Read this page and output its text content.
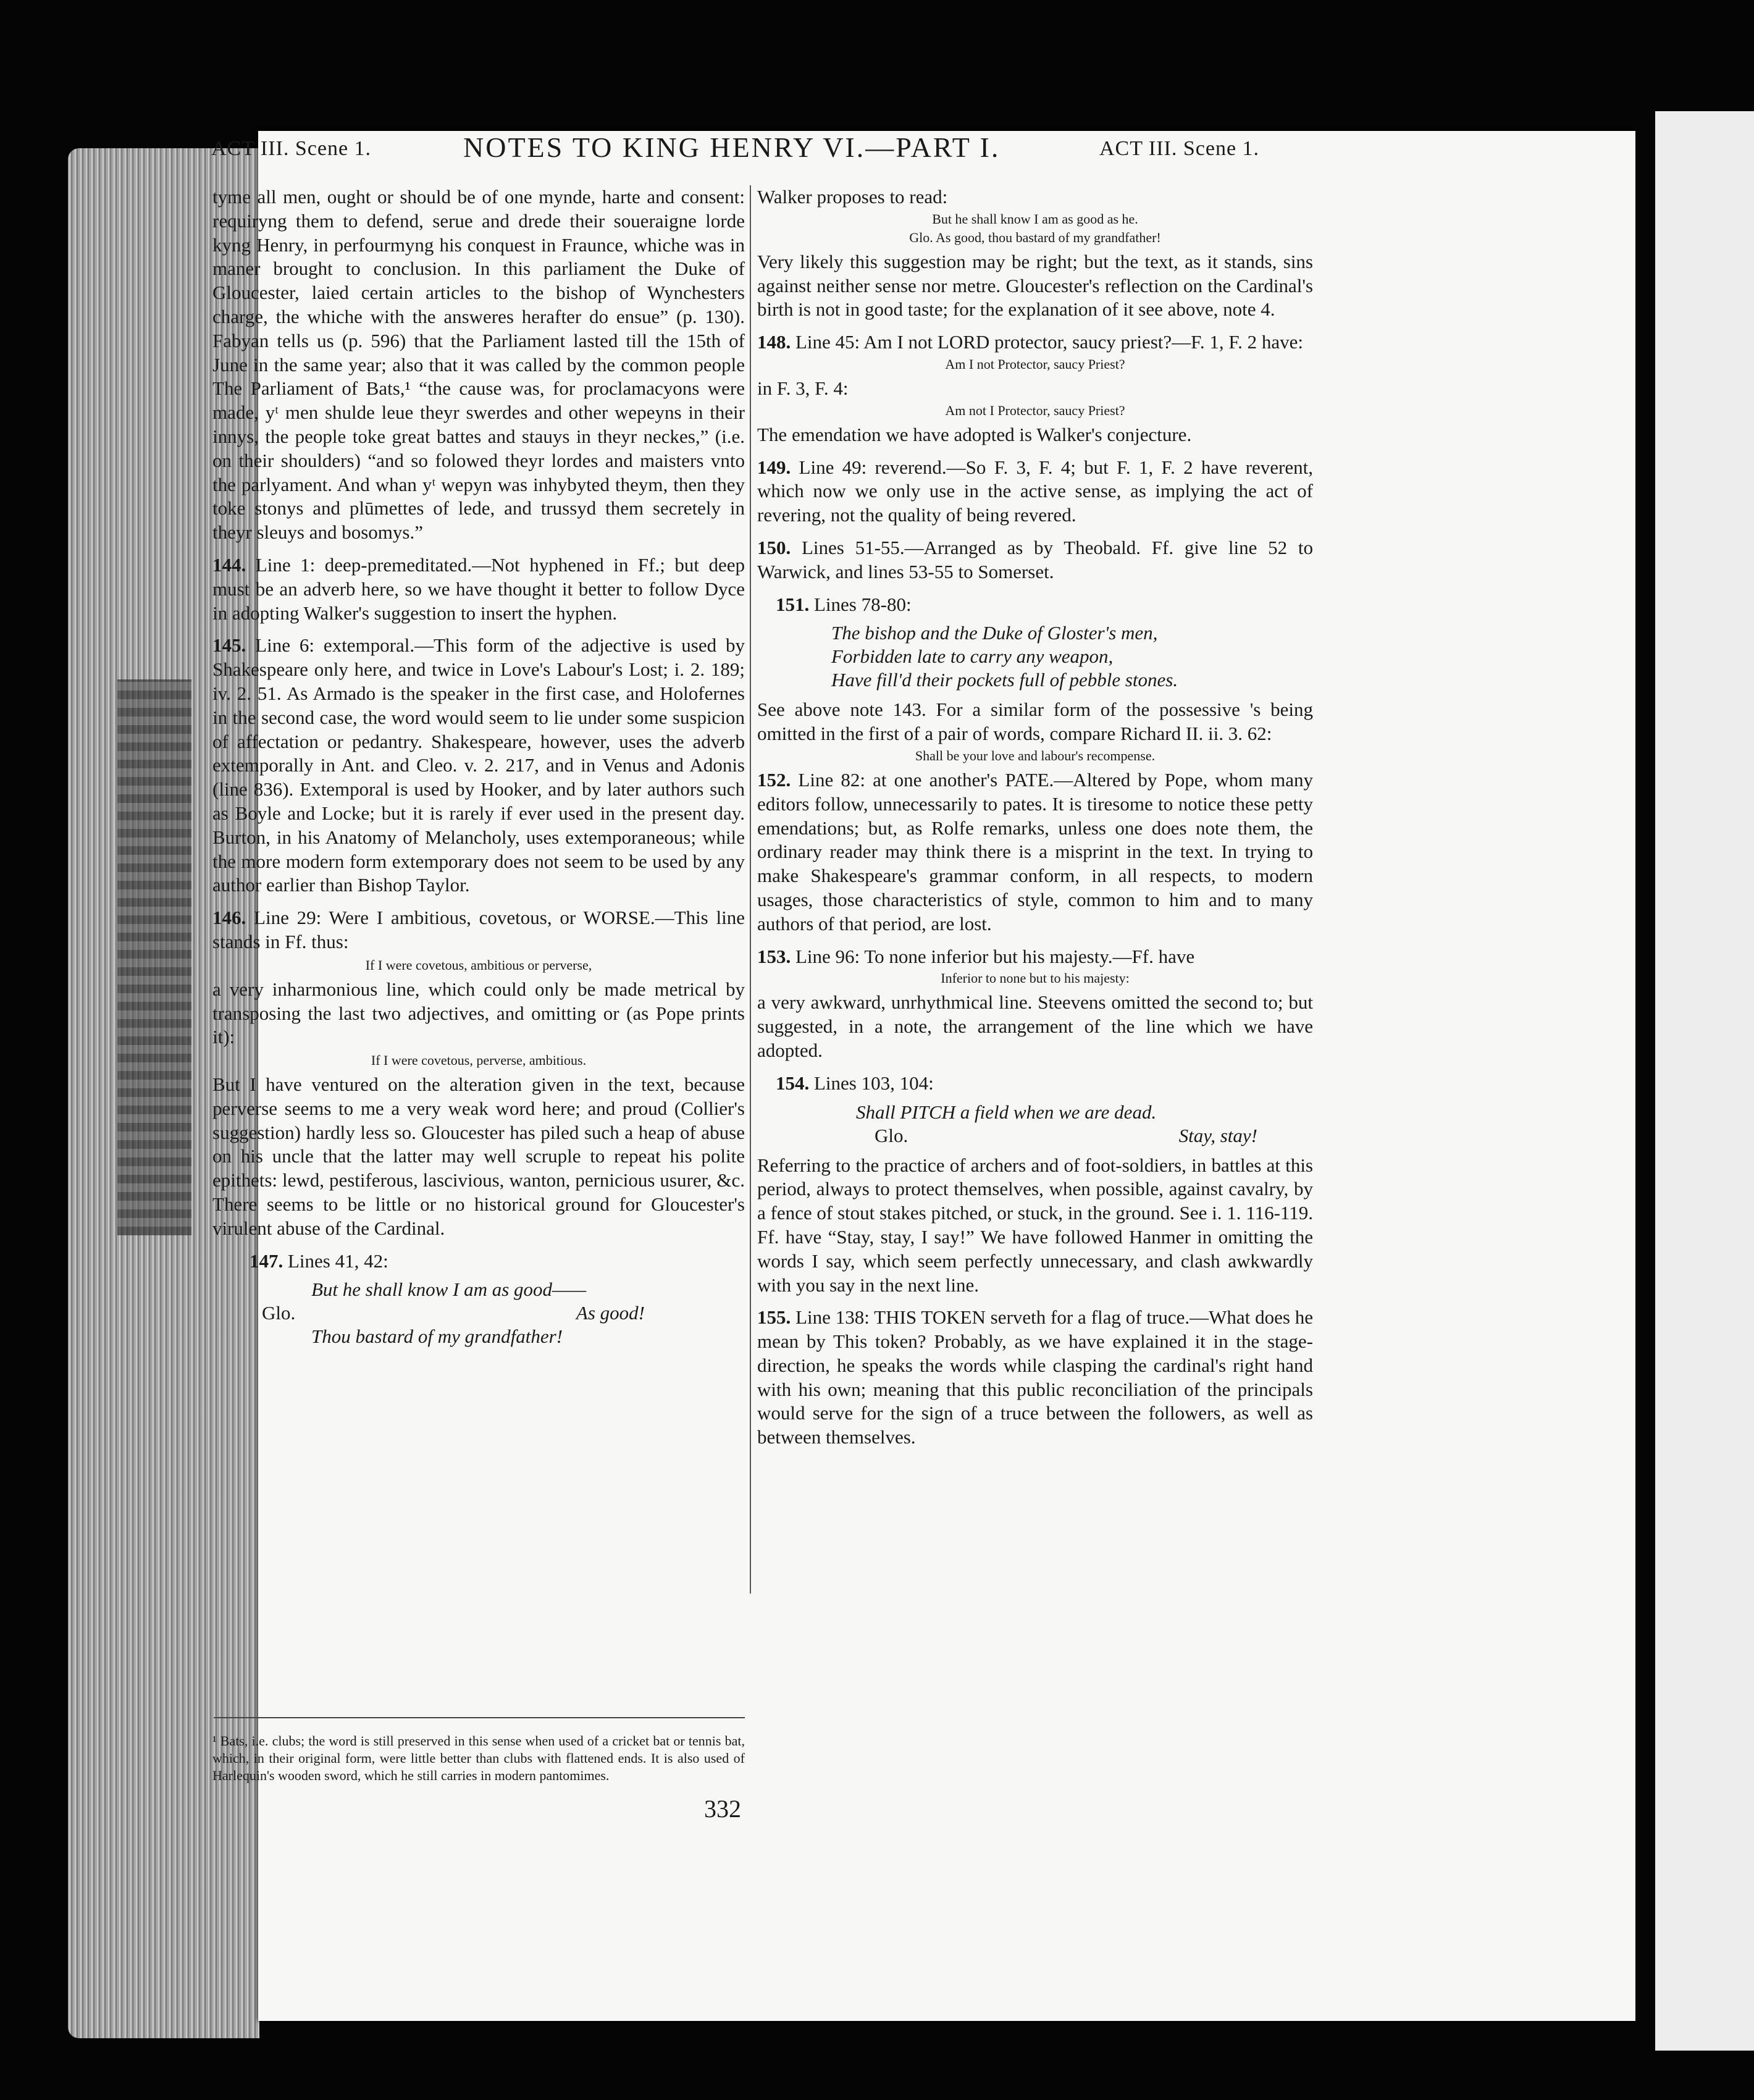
ACT III. Scene 1.	NOTES TO KING HENRY VI.—PART I.	ACT III. Scene 1.

tyme all men, ought or should be of one mynde, harte and consent: requiryng them to defend, serue and drede their soueraigne lorde kyng Henry, in perfourmyng his conquest in Fraunce, whiche was in maner brought to conclusion. In this parliament the Duke of Gloucester, laied certain articles to the bishop of Wynchesters charge, the whiche with the answeres herafter do ensue” (p. 130). Fabyan tells us (p. 596) that the Parliament lasted till the 15th of June in the same year; also that it was called by the common people The Parliament of Bats,¹ “the cause was, for proclamacyons were made, yᵗ men shulde leue theyr swerdes and other wepeyns in their innys, the people toke great battes and stauys in theyr neckes,” (i.e. on their shoulders) “and so folowed theyr lordes and maisters vnto the parlyament. And whan yᵗ wepyn was inhybyted theym, then they toke stonys and plūmettes of lede, and trussyd them secretely in theyr sleuys and bosomys.”

144. Line 1: deep-premeditated.—Not hyphened in Ff.; but deep must be an adverb here, so we have thought it better to follow Dyce in adopting Walker's suggestion to insert the hyphen.

145. Line 6: extemporal.—This form of the adjective is used by Shakespeare only here, and twice in Love's Labour's Lost; i. 2. 189; iv. 2. 51. As Armado is the speaker in the first case, and Holofernes in the second case, the word would seem to lie under some suspicion of affectation or pedantry. Shakespeare, however, uses the adverb extemporally in Ant. and Cleo. v. 2. 217, and in Venus and Adonis (line 836). Extemporal is used by Hooker, and by later authors such as Boyle and Locke; but it is rarely if ever used in the present day. Burton, in his Anatomy of Melancholy, uses extemporaneous; while the more modern form extemporary does not seem to be used by any author earlier than Bishop Taylor.

146. Line 29: Were I ambitious, covetous, or WORSE.—This line stands in Ff. thus:

If I were covetous, ambitious or perverse,

a very inharmonious line, which could only be made metrical by transposing the last two adjectives, and omitting or (as Pope prints it):

If I were covetous, perverse, ambitious.

But I have ventured on the alteration given in the text, because perverse seems to me a very weak word here; and proud (Collier's suggestion) hardly less so. Gloucester has piled such a heap of abuse on his uncle that the latter may well scruple to repeat his polite epithets: lewd, pestiferous, lascivious, wanton, pernicious usurer, &c. There seems to be little or no historical ground for Gloucester's virulent abuse of the Cardinal.

147. Lines 41, 42:

But he shall know I am as good——
Glo.	As good!
Thou bastard of my grandfather!

Walker proposes to read:

But he shall know I am as good as he.
Glo. As good, thou bastard of my grandfather!

Very likely this suggestion may be right; but the text, as it stands, sins against neither sense nor metre. Gloucester's reflection on the Cardinal's birth is not in good taste; for the explanation of it see above, note 4.

148. Line 45: Am I not LORD protector, saucy priest?—F. 1, F. 2 have:

Am I not Protector, saucy Priest?

in F. 3, F. 4:

Am not I Protector, saucy Priest?

The emendation we have adopted is Walker's conjecture.

149. Line 49: reverend.—So F. 3, F. 4; but F. 1, F. 2 have reverent, which now we only use in the active sense, as implying the act of revering, not the quality of being revered.

150. Lines 51-55.—Arranged as by Theobald. Ff. give line 52 to Warwick, and lines 53-55 to Somerset.

151. Lines 78-80:

The bishop and the Duke of Gloster's men,
Forbidden late to carry any weapon,
Have fill'd their pockets full of pebble stones.

See above note 143. For a similar form of the possessive 's being omitted in the first of a pair of words, compare Richard II. ii. 3. 62:

Shall be your love and labour's recompense.

152. Line 82: at one another's PATE.—Altered by Pope, whom many editors follow, unnecessarily to pates. It is tiresome to notice these petty emendations; but, as Rolfe remarks, unless one does note them, the ordinary reader may think there is a misprint in the text. In trying to make Shakespeare's grammar conform, in all respects, to modern usages, those characteristics of style, common to him and to many authors of that period, are lost.

153. Line 96: To none inferior but his majesty.—Ff. have

Inferior to none but to his majesty:

a very awkward, unrhythmical line. Steevens omitted the second to; but suggested, in a note, the arrangement of the line which we have adopted.

154. Lines 103, 104:

Shall PITCH a field when we are dead.
Glo.	Stay, stay!

Referring to the practice of archers and of foot-soldiers, in battles at this period, always to protect themselves, when possible, against cavalry, by a fence of stout stakes pitched, or stuck, in the ground. See i. 1. 116-119. Ff. have “Stay, stay, I say!” We have followed Hanmer in omitting the words I say, which seem perfectly unnecessary, and clash awkwardly with you say in the next line.

155. Line 138: THIS TOKEN serveth for a flag of truce.—What does he mean by This token? Probably, as we have explained it in the stage-direction, he speaks the words while clasping the cardinal's right hand with his own; meaning that this public reconciliation of the principals would serve for the sign of a truce between the followers, as well as between themselves.

¹ Bats, i.e. clubs; the word is still preserved in this sense when used of a cricket bat or tennis bat, which, in their original form, were little better than clubs with flattened ends. It is also used of Harlequin's wooden sword, which he still carries in modern pantomimes.
332
